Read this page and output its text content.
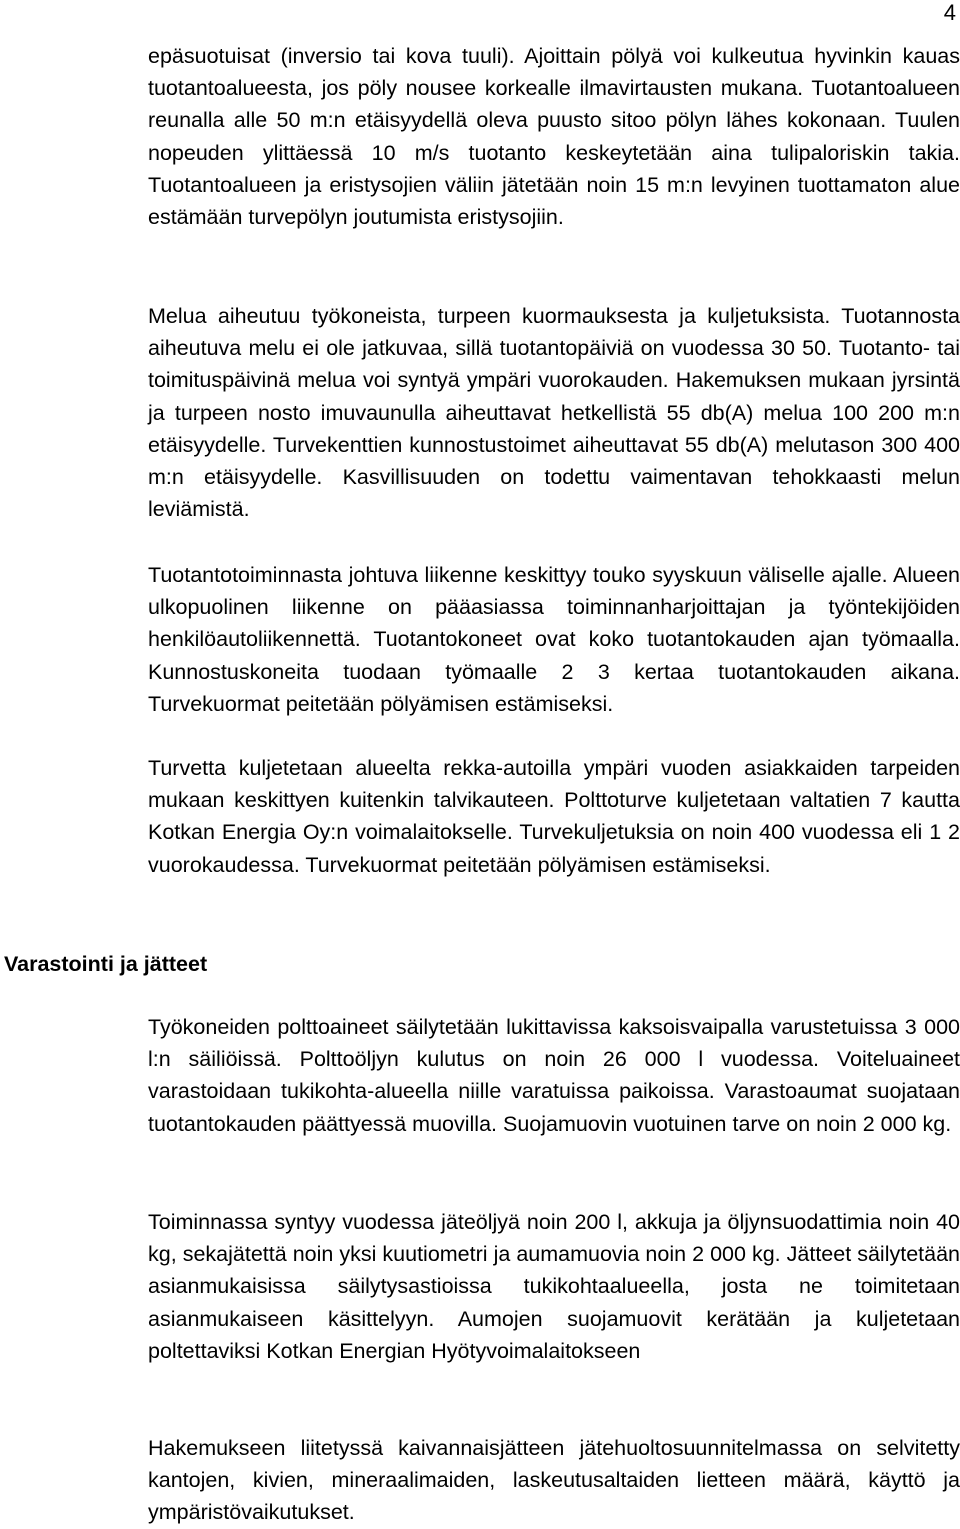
4

epäsuotuisat (inversio tai kova tuuli). Ajoittain pölyä voi kulkeutua hyvinkin kauas tuotantoalueesta, jos pöly nousee korkealle ilmavirtausten mukana. Tuotantoalueen reunalla alle 50 m:n etäisyydellä oleva puusto sitoo pölyn lähes kokonaan. Tuulen nopeuden ylittäessä 10 m/s tuotanto keskeytetään aina tulipaloriskin takia. Tuotantoalueen ja eristysojien väliin jätetään noin 15 m:n levyinen tuottamaton alue estämään turvepölyn joutumista eristysojiin.

Melua aiheutuu työkoneista, turpeen kuormauksesta ja kuljetuksista. Tuotannosta aiheutuva melu ei ole jatkuvaa, sillä tuotantopäiviä on vuodessa 30 50. Tuotanto- tai toimituspäivinä melua voi syntyä ympäri vuorokauden. Hakemuksen mukaan jyrsintä ja turpeen nosto imuvaunulla aiheuttavat hetkellistä 55 db(A) melua 100 200 m:n etäisyydelle. Turvekenttien kunnostustoimet aiheuttavat 55 db(A) melutason 300 400 m:n etäisyydelle. Kasvillisuuden on todettu vaimentavan tehokkaasti melun leviämistä.

Tuotantotoiminnasta johtuva liikenne keskittyy touko syyskuun väliselle ajalle. Alueen ulkopuolinen liikenne on pääasiassa toiminnanharjoittajan ja työntekijöiden henkilöautoliikennettä. Tuotantokoneet ovat koko tuotantokauden ajan työmaalla. Kunnostuskoneita tuodaan työmaalle 2 3 kertaa tuotantokauden aikana. Turvekuormat peitetään pölyämisen estämiseksi.

Turvetta kuljetetaan alueelta rekka-autoilla ympäri vuoden asiakkaiden tarpeiden mukaan keskittyen kuitenkin talvikauteen. Polttoturve kuljetetaan valtatien 7 kautta Kotkan Energia Oy:n voimalaitokselle. Turvekuljetuksia on noin 400 vuodessa eli 1 2 vuorokaudessa. Turvekuormat peitetään pölyämisen estämiseksi.

Varastointi ja jätteet

Työkoneiden polttoaineet säilytetään lukittavissa kaksoisvaipalla varustetuissa 3 000 l:n säiliöissä. Polttoöljyn kulutus on noin 26 000 l vuodessa. Voiteluaineet varastoidaan tukikohta-alueella niille varatuissa paikoissa. Varastoaumat suojataan tuotantokauden päättyessä muovilla. Suojamuovin vuotuinen tarve on noin 2 000 kg.

Toiminnassa syntyy vuodessa jäteöljyä noin 200 l, akkuja ja öljynsuodattimia noin 40 kg, sekajätettä noin yksi kuutiometri ja aumamuovia noin 2 000 kg. Jätteet säilytetään asianmukaisissa säilytysastioissa tukikohtaalueella, josta ne toimitetaan asianmukaiseen käsittelyyn. Aumojen suojamuovit kerätään ja kuljetetaan poltettaviksi Kotkan Energian Hyötyvoimalaitokseen

Hakemukseen liitetyssä kaivannaisjätteen jätehuoltosuunnitelmassa on selvitetty kantojen, kivien, mineraalimaiden, laskeutusaltaiden lietteen määrä, käyttö ja ympäristövaikutukset.
